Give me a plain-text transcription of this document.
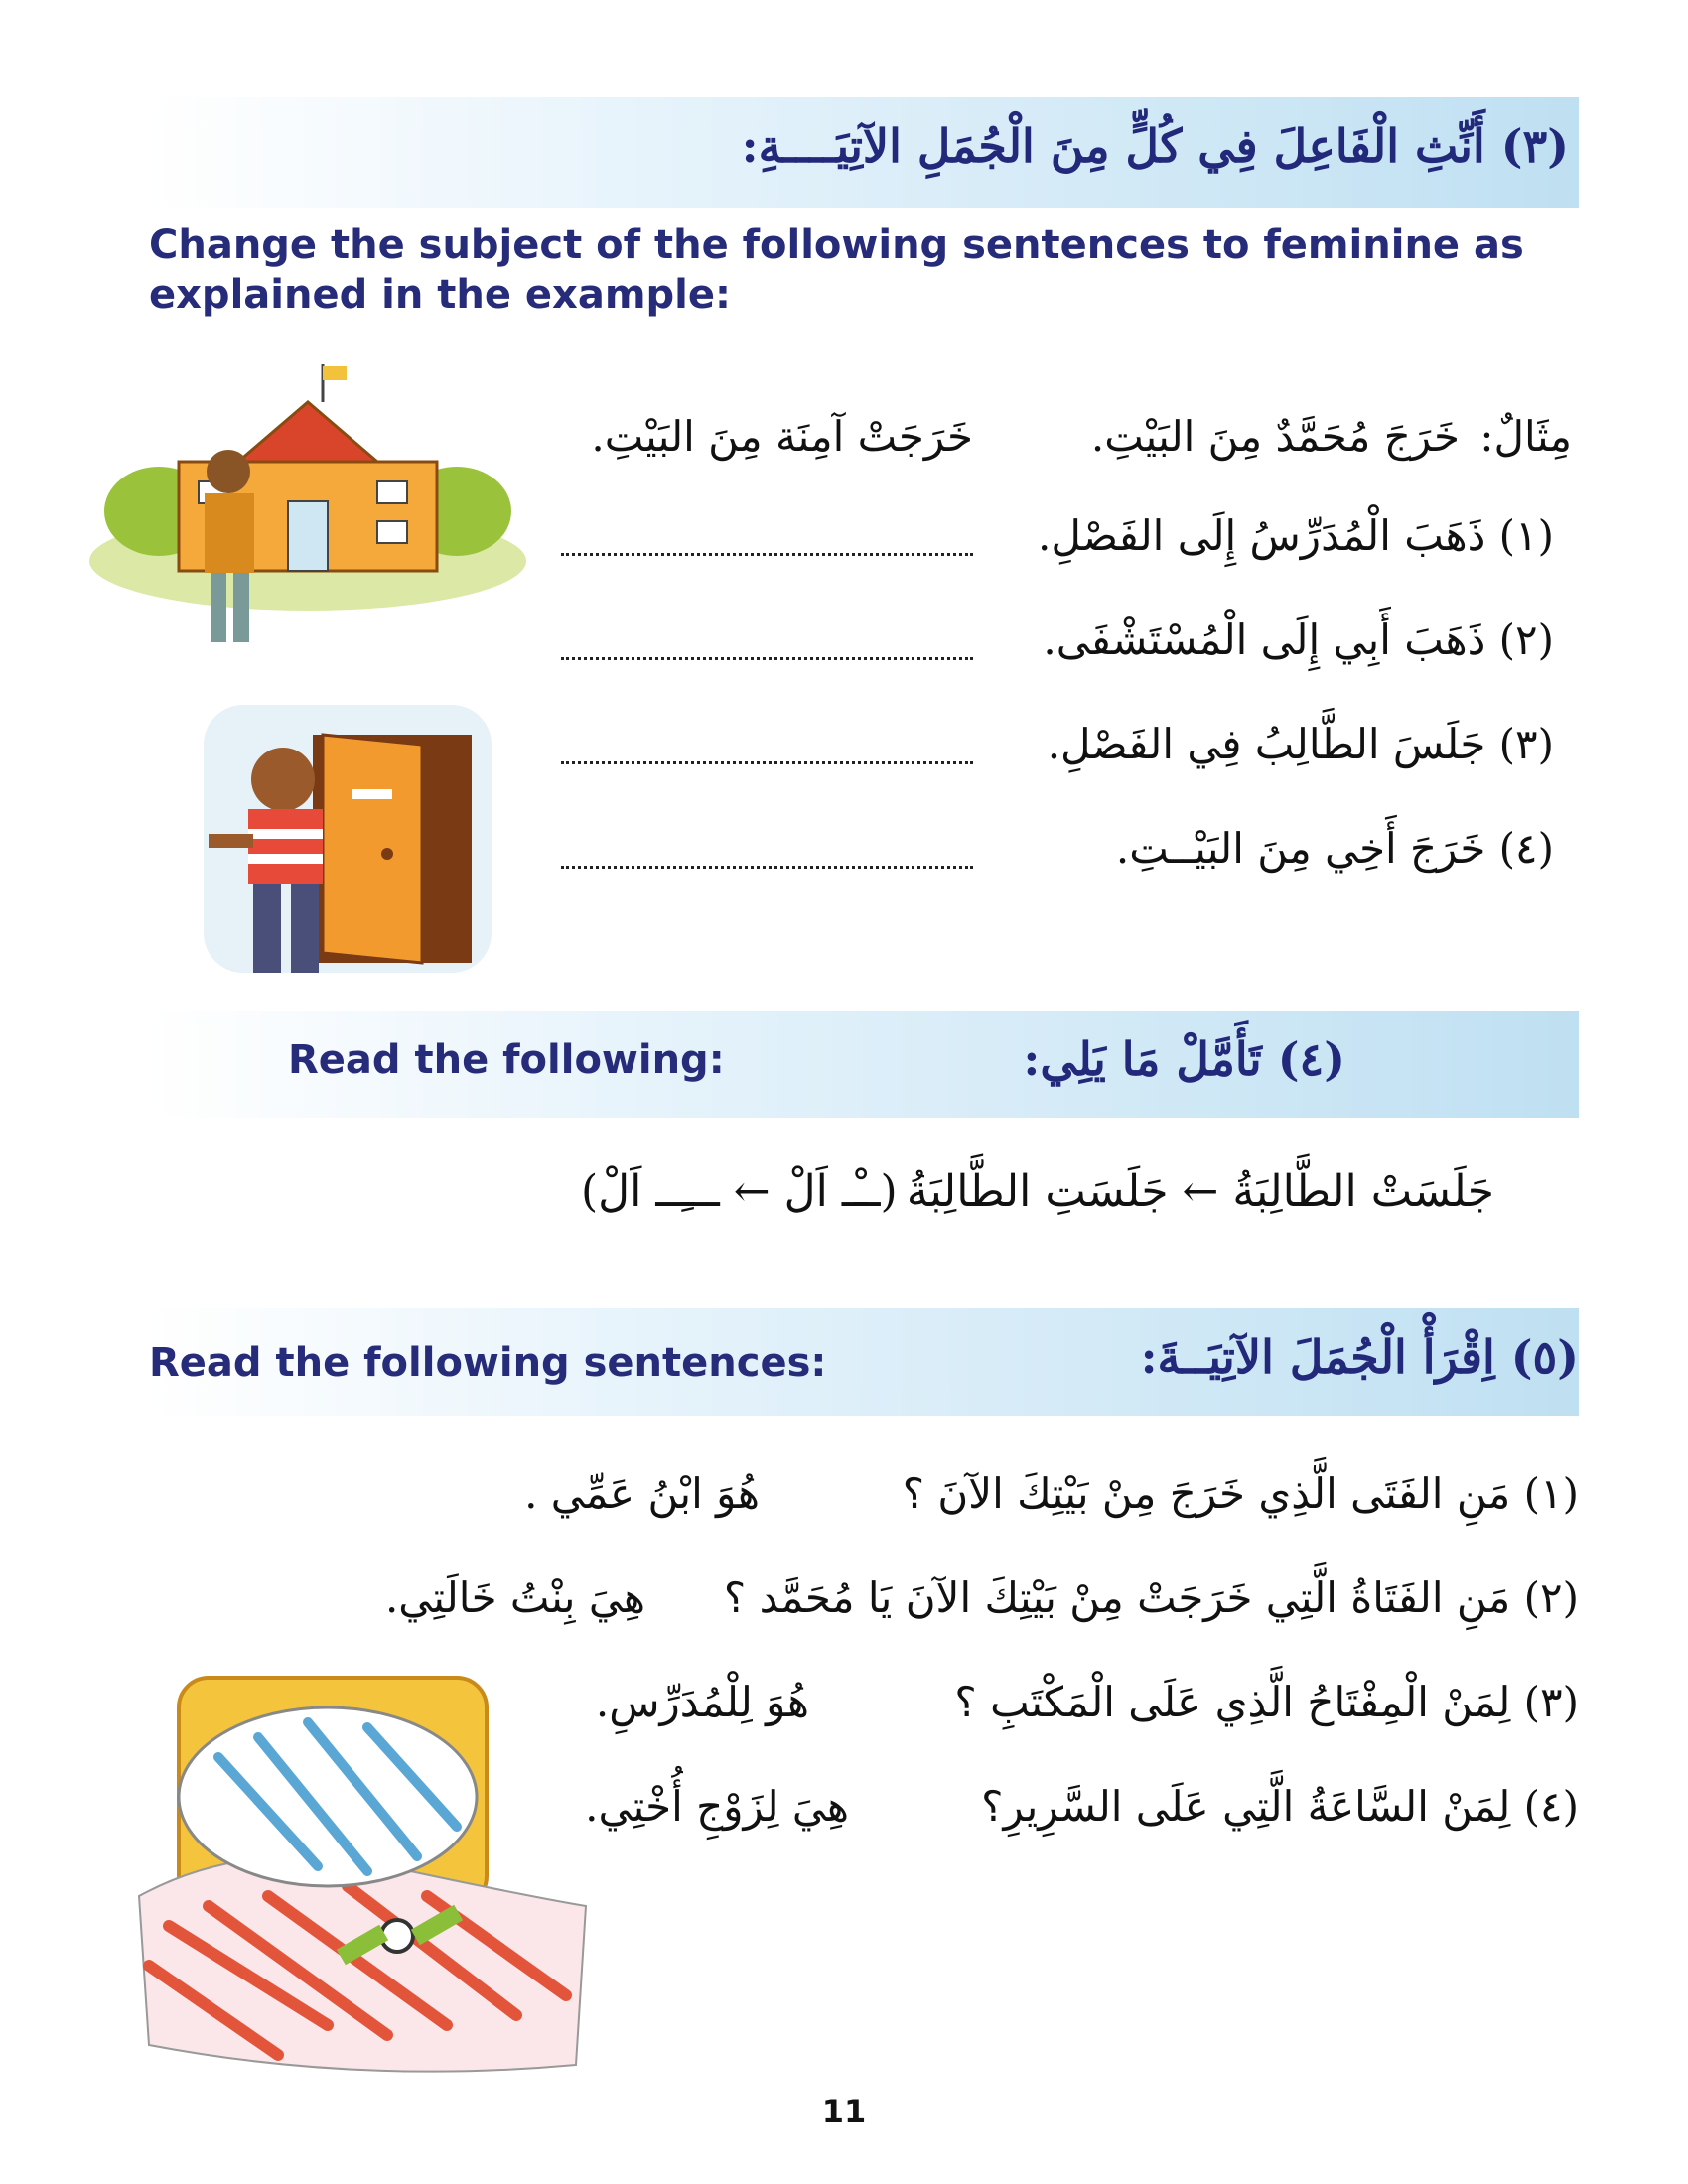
(٣) أَنِّثِ الْفَاعِلَ فِي كُلٍّ مِنَ الْجُمَلِ الآتِيَــــةِ:
Change the subject of the following sentences to feminine as explained in the example:
مِثَالٌ:
خَرَجَ مُحَمَّدٌ مِنَ البَيْتِ.
خَرَجَتْ آمِنَة مِنَ البَيْتِ.
(١) ذَهَبَ الْمُدَرِّسُ إِلَى الفَصْلِ.
(٢) ذَهَبَ أَبِي إِلَى الْمُسْتَشْفَى.
(٣) جَلَسَ الطَّالِبُ فِي الفَصْلِ.
(٤) خَرَجَ أَخِي مِنَ البَيْــتِ.
Read the following:	(٤) تَأَمَّلْ مَا يَلِي:
جَلَسَتْ الطَّالِبَةُ ← جَلَسَتِ الطَّالِبَةُ
(ــْـ اَلْ ← ـــِــ اَلْ)
Read the following sentences:	(٥) اِقْرَأْ الْجُمَلَ الآتِيَــةَ:
(١) مَنِ الفَتَى الَّذِي خَرَجَ مِنْ بَيْتِكَ الآنَ ؟
هُوَ ابْنُ عَمِّي .
(٢) مَنِ الفَتَاةُ الَّتِي خَرَجَتْ مِنْ بَيْتِكَ الآنَ يَا مُحَمَّد ؟
هِيَ بِنْتُ خَالَتِي.
(٣) لِمَنْ الْمِفْتَاحُ الَّذِي عَلَى الْمَكْتَبِ ؟
هُوَ لِلْمُدَرِّسِ.
(٤) لِمَنْ السَّاعَةُ الَّتِي عَلَى السَّرِيرِ؟
هِيَ لِزَوْجِ أُخْتِي.
11
